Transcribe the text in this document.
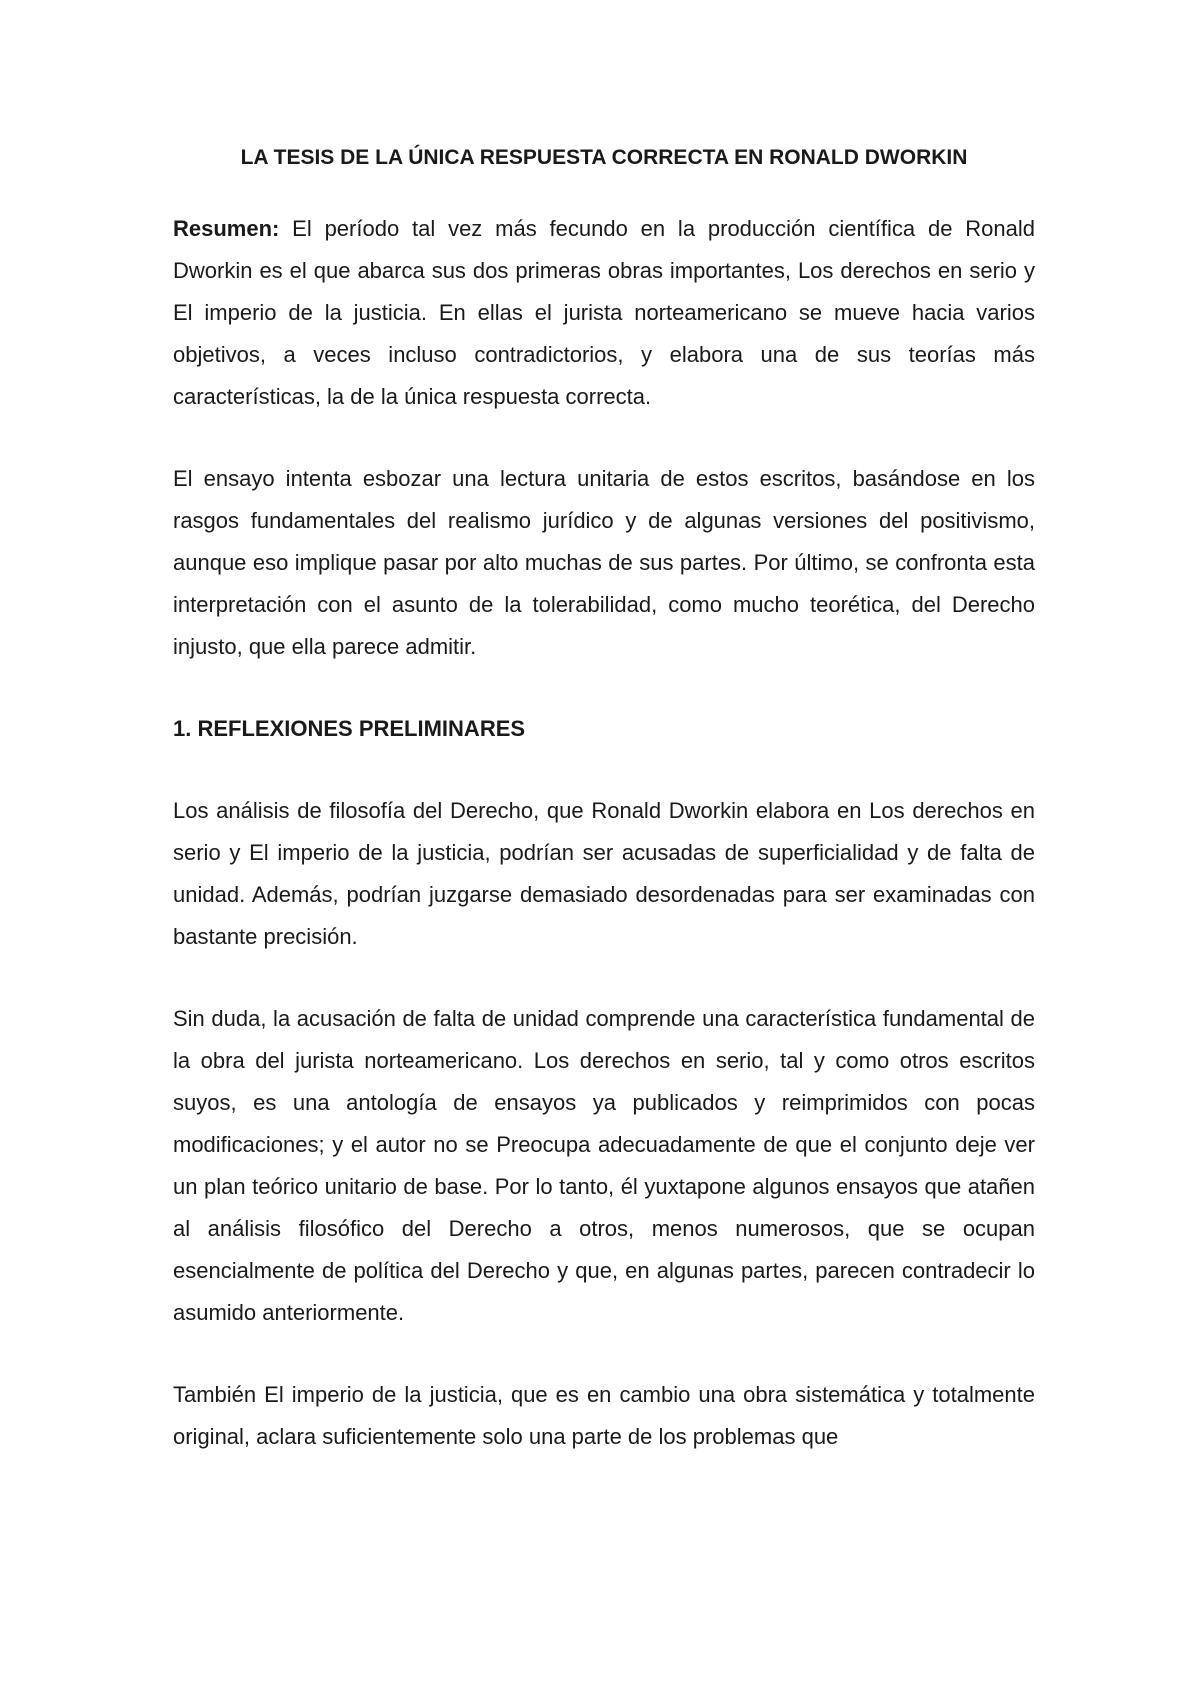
LA TESIS DE LA ÚNICA RESPUESTA CORRECTA EN RONALD DWORKIN

Resumen: El período tal vez más fecundo en la producción científica de Ronald Dworkin es el que abarca sus dos primeras obras importantes, Los derechos en serio y El imperio de la justicia. En ellas el jurista norteamericano se mueve hacia varios objetivos, a veces incluso contradictorios, y elabora una de sus teorías más características, la de la única respuesta correcta.

El ensayo intenta esbozar una lectura unitaria de estos escritos, basándose en los rasgos fundamentales del realismo jurídico y de algunas versiones del positivismo, aunque eso implique pasar por alto muchas de sus partes. Por último, se confronta esta interpretación con el asunto de la tolerabilidad, como mucho teorética, del Derecho injusto, que ella parece admitir.

1. REFLEXIONES PRELIMINARES

Los análisis de filosofía del Derecho, que Ronald Dworkin elabora en Los derechos en serio y El imperio de la justicia, podrían ser acusadas de superficialidad y de falta de unidad. Además, podrían juzgarse demasiado desordenadas para ser examinadas con bastante precisión.

Sin duda, la acusación de falta de unidad comprende una característica fundamental de la obra del jurista norteamericano. Los derechos en serio, tal y como otros escritos suyos, es una antología de ensayos ya publicados y reimprimidos con pocas modificaciones; y el autor no se Preocupa adecuadamente de que el conjunto deje ver un plan teórico unitario de base. Por lo tanto, él yuxtapone algunos ensayos que atañen al análisis filosófico del Derecho a otros, menos numerosos, que se ocupan esencialmente de política del Derecho y que, en algunas partes, parecen contradecir lo asumido anteriormente.

También El imperio de la justicia, que es en cambio una obra sistemática y totalmente original, aclara suficientemente solo una parte de los problemas que
